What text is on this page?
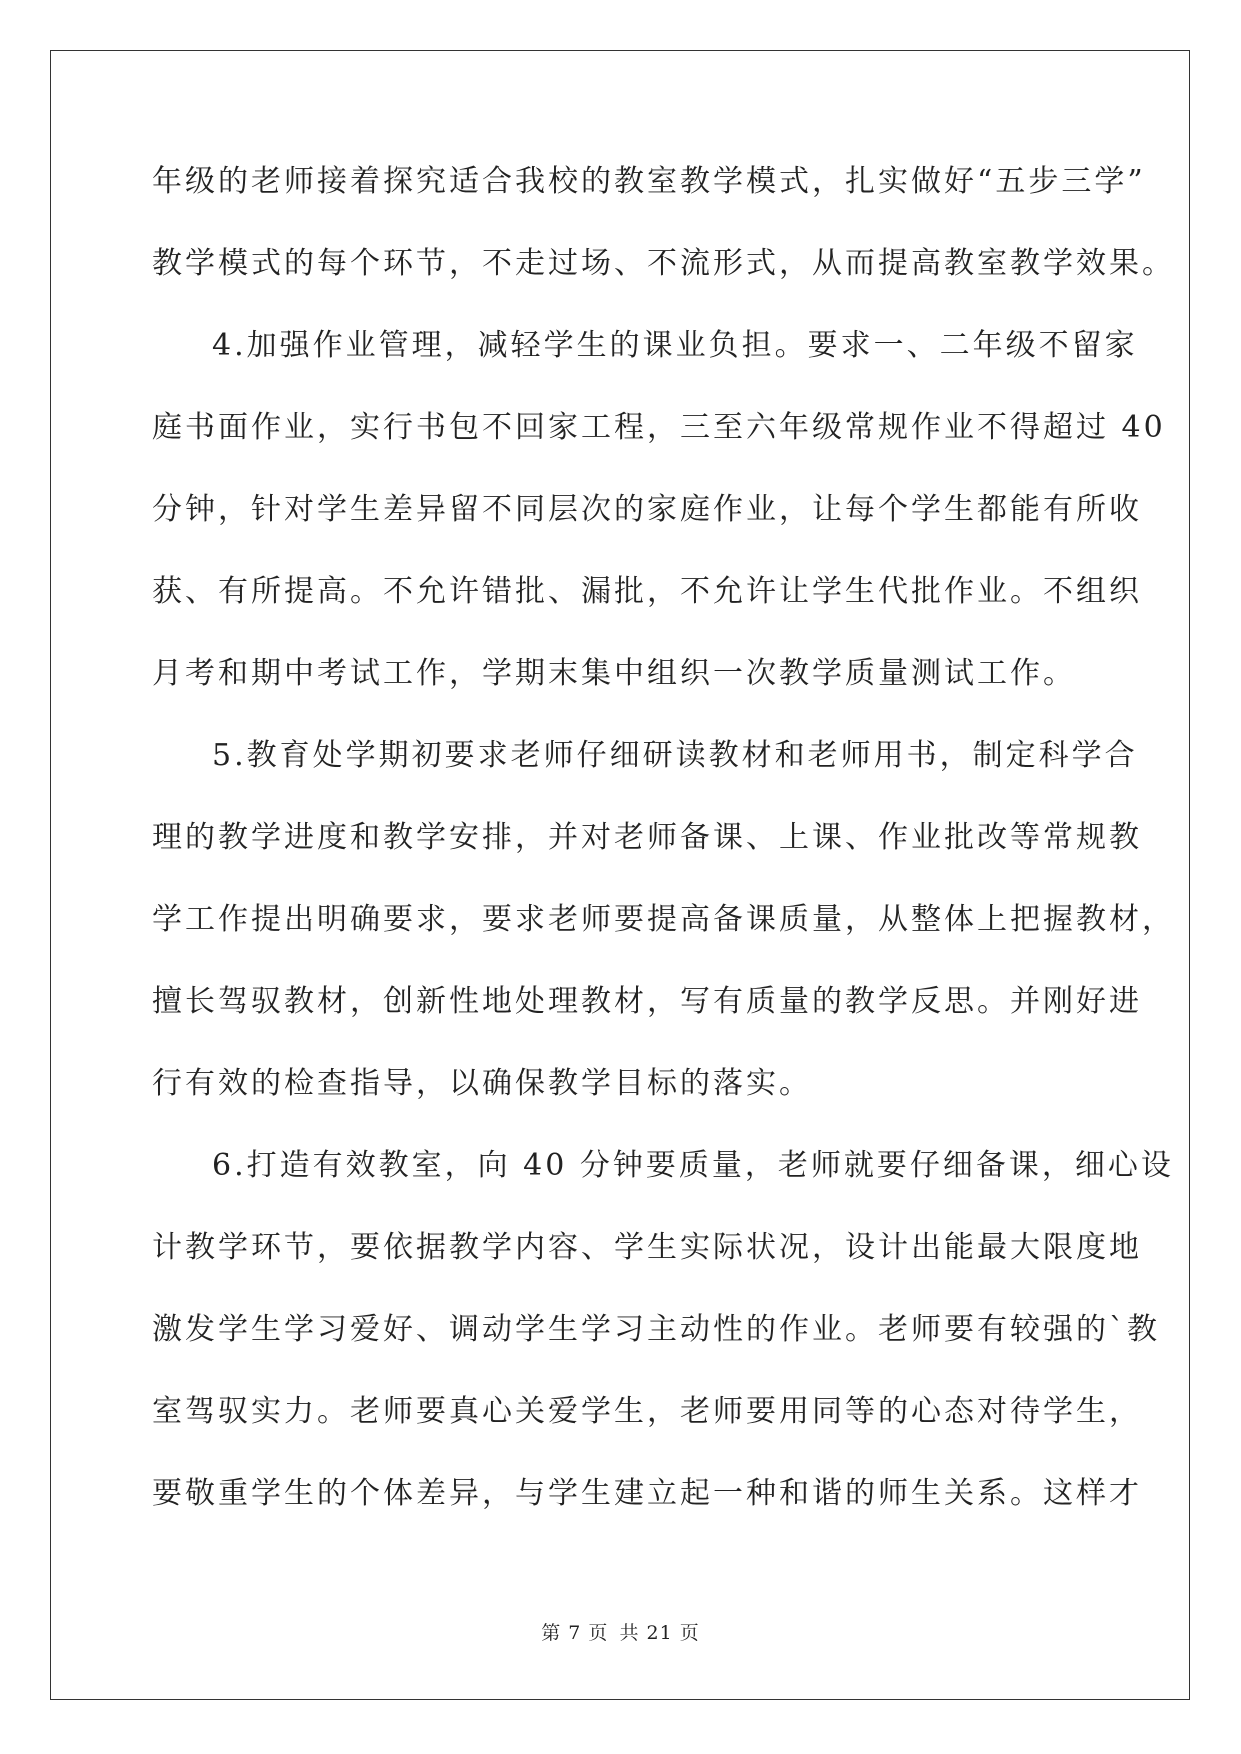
年级的老师接着探究适合我校的教室教学模式，扎实做好“五步三学”
教学模式的每个环节，不走过场、不流形式，从而提高教室教学效果。
4.加强作业管理，减轻学生的课业负担。要求一、二年级不留家
庭书面作业，实行书包不回家工程，三至六年级常规作业不得超过 40
分钟，针对学生差异留不同层次的家庭作业，让每个学生都能有所收
获、有所提高。不允许错批、漏批，不允许让学生代批作业。不组织
月考和期中考试工作，学期末集中组织一次教学质量测试工作。
5.教育处学期初要求老师仔细研读教材和老师用书，制定科学合
理的教学进度和教学安排，并对老师备课、上课、作业批改等常规教
学工作提出明确要求，要求老师要提高备课质量，从整体上把握教材，
擅长驾驭教材，创新性地处理教材，写有质量的教学反思。并刚好进
行有效的检查指导，以确保教学目标的落实。
6.打造有效教室，向 40 分钟要质量，老师就要仔细备课，细心设
计教学环节，要依据教学内容、学生实际状况，设计出能最大限度地
激发学生学习爱好、调动学生学习主动性的作业。老师要有较强的`教
室驾驭实力。老师要真心关爱学生，老师要用同等的心态对待学生，
要敬重学生的个体差异，与学生建立起一种和谐的师生关系。这样才
第 7 页 共 21 页
